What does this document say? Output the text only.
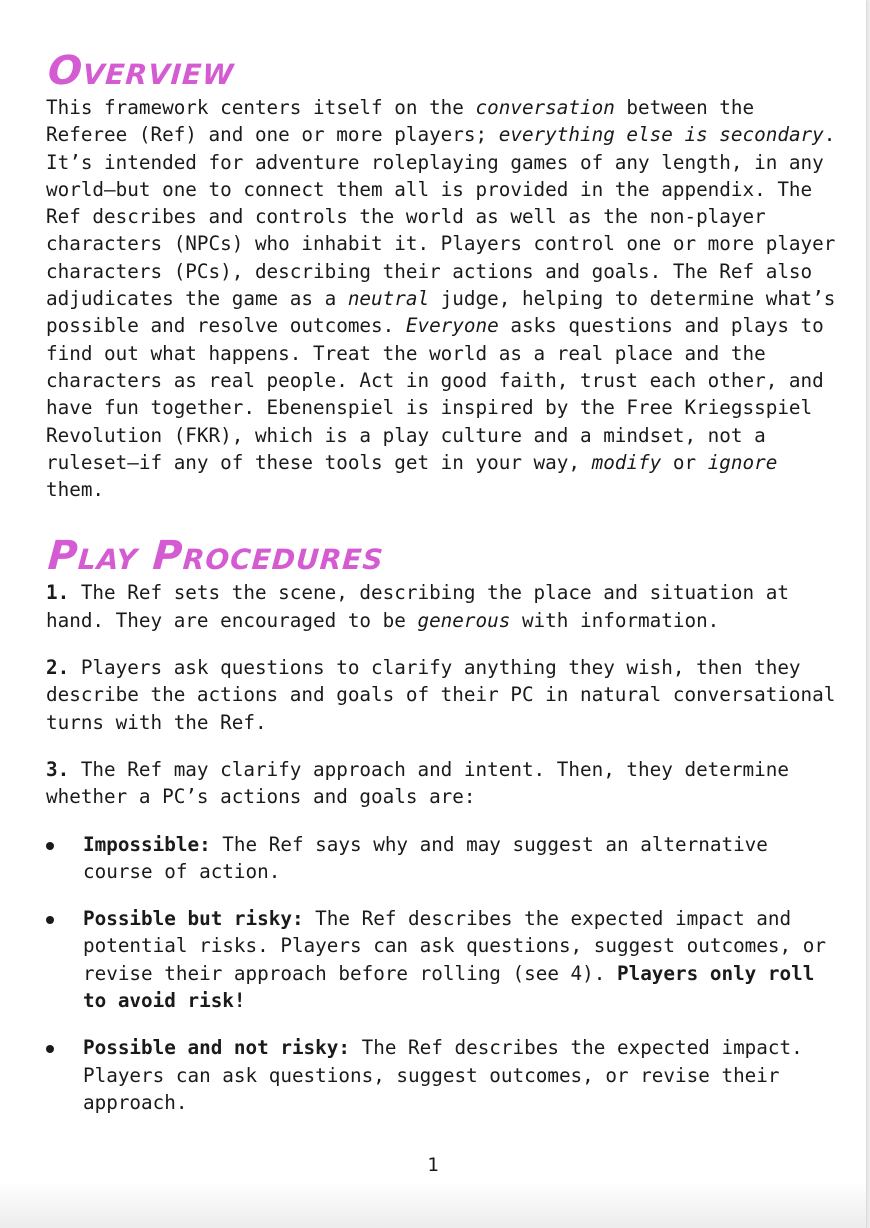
Overview

This framework centers itself on the conversation between the Referee (Ref) and one or more players; everything else is secondary. It’s intended for adventure roleplaying games of any length, in any world—but one to connect them all is provided in the appendix. The Ref describes and controls the world as well as the non-player characters (NPCs) who inhabit it. Players control one or more player characters (PCs), describing their actions and goals. The Ref also adjudicates the game as a neutral judge, helping to determine what’s possible and resolve outcomes. Everyone asks questions and plays to find out what happens. Treat the world as a real place and the characters as real people. Act in good faith, trust each other, and have fun together. Ebenenspiel is inspired by the Free Kriegsspiel Revolution (FKR), which is a play culture and a mindset, not a ruleset—if any of these tools get in your way, modify or ignore them.

Play Procedures

1. The Ref sets the scene, describing the place and situation at hand. They are encouraged to be generous with information.

2. Players ask questions to clarify anything they wish, then they describe the actions and goals of their PC in natural conversational turns with the Ref.

3. The Ref may clarify approach and intent. Then, they determine whether a PC’s actions and goals are:

Impossible: The Ref says why and may suggest an alternative course of action.
Possible but risky: The Ref describes the expected impact and potential risks. Players can ask questions, suggest outcomes, or revise their approach before rolling (see 4). Players only roll to avoid risk!
Possible and not risky: The Ref describes the expected impact. Players can ask questions, suggest outcomes, or revise their approach.
1
